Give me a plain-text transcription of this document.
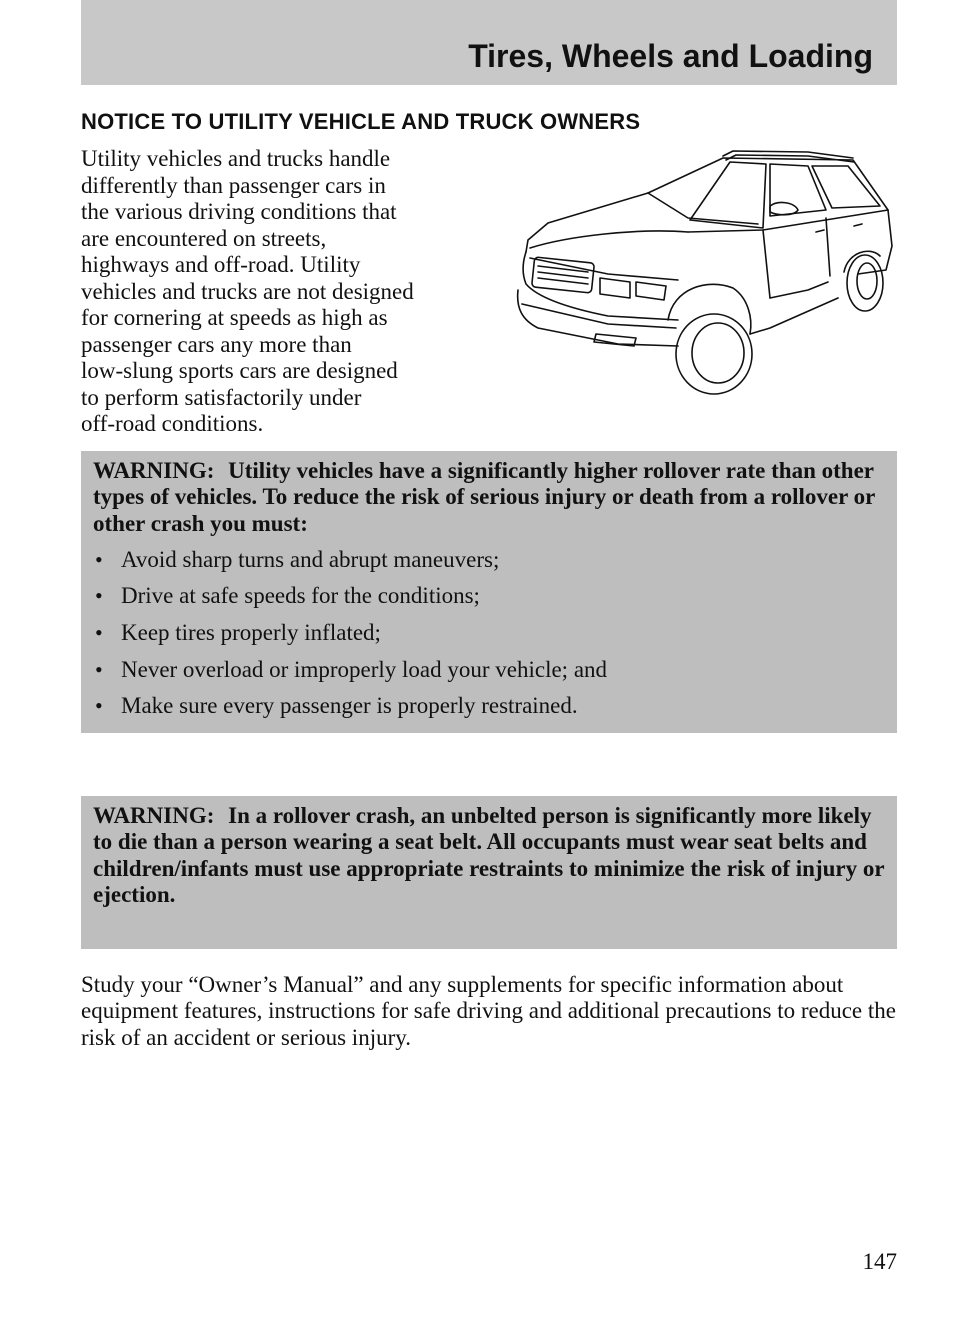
Tires, Wheels and Loading
NOTICE TO UTILITY VEHICLE AND TRUCK OWNERS
Utility vehicles and trucks handle
differently than passenger cars in
the various driving conditions that
are encountered on streets,
highways and off-road. Utility
vehicles and trucks are not designed
for cornering at speeds as high as
passenger cars any more than
low-slung sports cars are designed
to perform satisfactorily under
off-road conditions.
WARNING: Utility vehicles have a significantly higher rollover rate than other types of vehicles. To reduce the risk of serious injury or death from a rollover or other crash you must:
• Avoid sharp turns and abrupt maneuvers;
• Drive at safe speeds for the conditions;
• Keep tires properly inflated;
• Never overload or improperly load your vehicle; and
• Make sure every passenger is properly restrained.
WARNING: In a rollover crash, an unbelted person is significantly more likely to die than a person wearing a seat belt. All occupants must wear seat belts and children/infants must use appropriate restraints to minimize the risk of injury or ejection.
Study your “Owner’s Manual” and any supplements for specific information about equipment features, instructions for safe driving and additional precautions to reduce the risk of an accident or serious injury.
147
